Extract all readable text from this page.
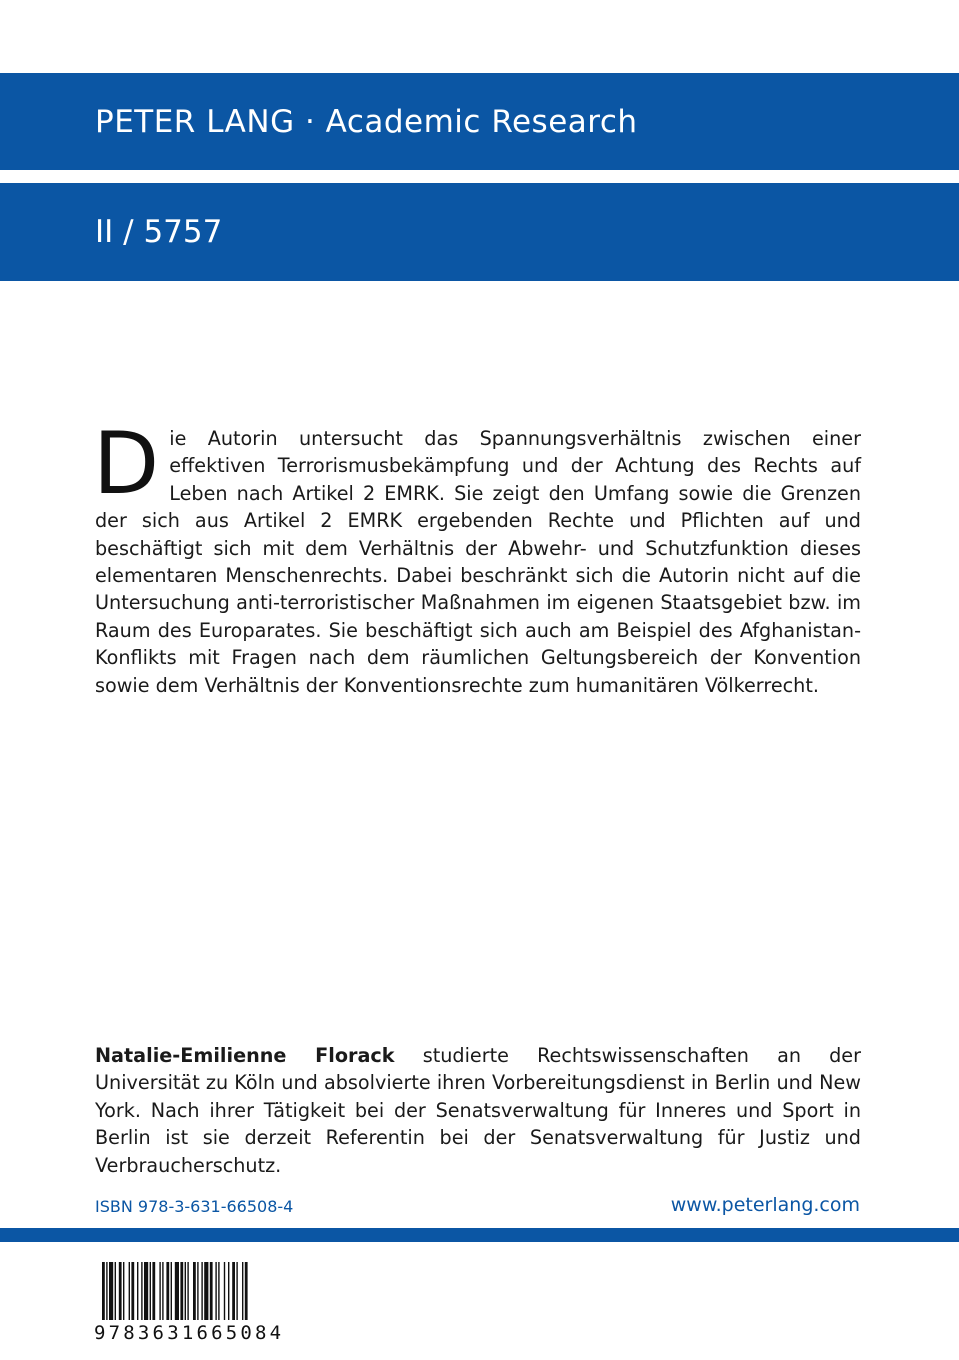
PETER LANG · Academic Research
II / 5757
Die Autorin untersucht das Spannungsverhältnis zwischen einer effektiven Terrorismusbekämpfung und der Achtung des Rechts auf Leben nach Artikel 2 EMRK. Sie zeigt den Umfang sowie die Grenzen der sich aus Artikel 2 EMRK ergebenden Rechte und Pflichten auf und beschäftigt sich mit dem Verhältnis der Abwehr- und Schutzfunktion dieses elementaren Menschenrechts. Dabei beschränkt sich die Autorin nicht auf die Untersuchung anti-terroristischer Maßnahmen im eigenen Staatsgebiet bzw. im Raum des Europarates. Sie beschäftigt sich auch am Beispiel des Afghanistan-Konflikts mit Fragen nach dem räumlichen Geltungsbereich der Konvention sowie dem Verhältnis der Konventionsrechte zum humanitären Völkerrecht.
Natalie-Emilienne Florack studierte Rechtswissenschaften an der Universität zu Köln und absolvierte ihren Vorbereitungsdienst in Berlin und New York. Nach ihrer Tätigkeit bei der Senatsverwaltung für Inneres und Sport in Berlin ist sie derzeit Referentin bei der Senatsverwaltung für Justiz und Verbraucherschutz.
ISBN 978-3-631-66508-4	www.peterlang.com
9783631665084
